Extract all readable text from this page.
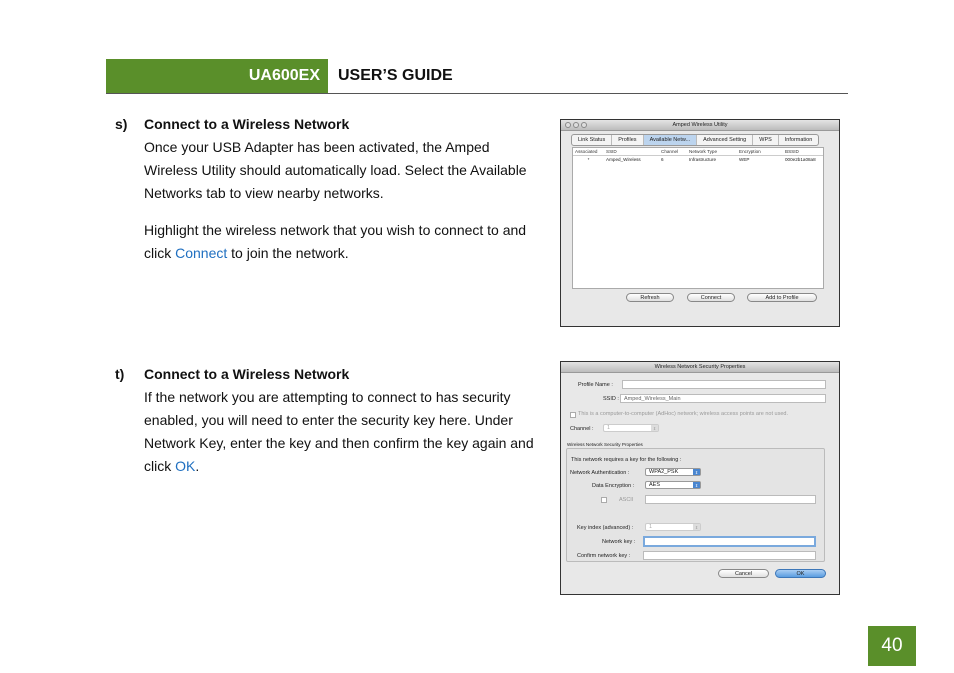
UA600EX USER’S GUIDE
s)	Connect to a Wireless Network
Once your USB Adapter has been activated, the Amped Wireless Utility should automatically load. Select the Available Networks tab to view nearby networks.
Highlight the wireless network that you wish to connect to and click Connect to join the network.
t)	Connect to a Wireless Network
If the network you are attempting to connect to has security enabled, you will need to enter the security key here. Under Network Key, enter the key and then confirm the key again and click OK.
Amped Wireless Utility
Link Status	Profiles	Available Netw...	Advanced Setting	WPS	Information
Associated	SSID	Channel	Network Type	Encryption	BSSID
*	Amped_Wireless	6	Infrastructure	WEP	000e2b1a08a8
Refresh	Connect	Add to Profile
Wireless Network Security Properties
Profile Name :
SSID : Amped_Wireless_Main
This is a computer-to-computer (AdHoc) network; wireless access points are not used.
Channel :	1	⇕
Wireless Network Security Properties
This network requires a key for the following :
Network Authentication :	WPA2_PSK	⇕
Data Encryption :	AES	⇕
ASCII
Key index (advanced) :	1	⇕
Network key :
Confirm network key :
Cancel	OK
40
